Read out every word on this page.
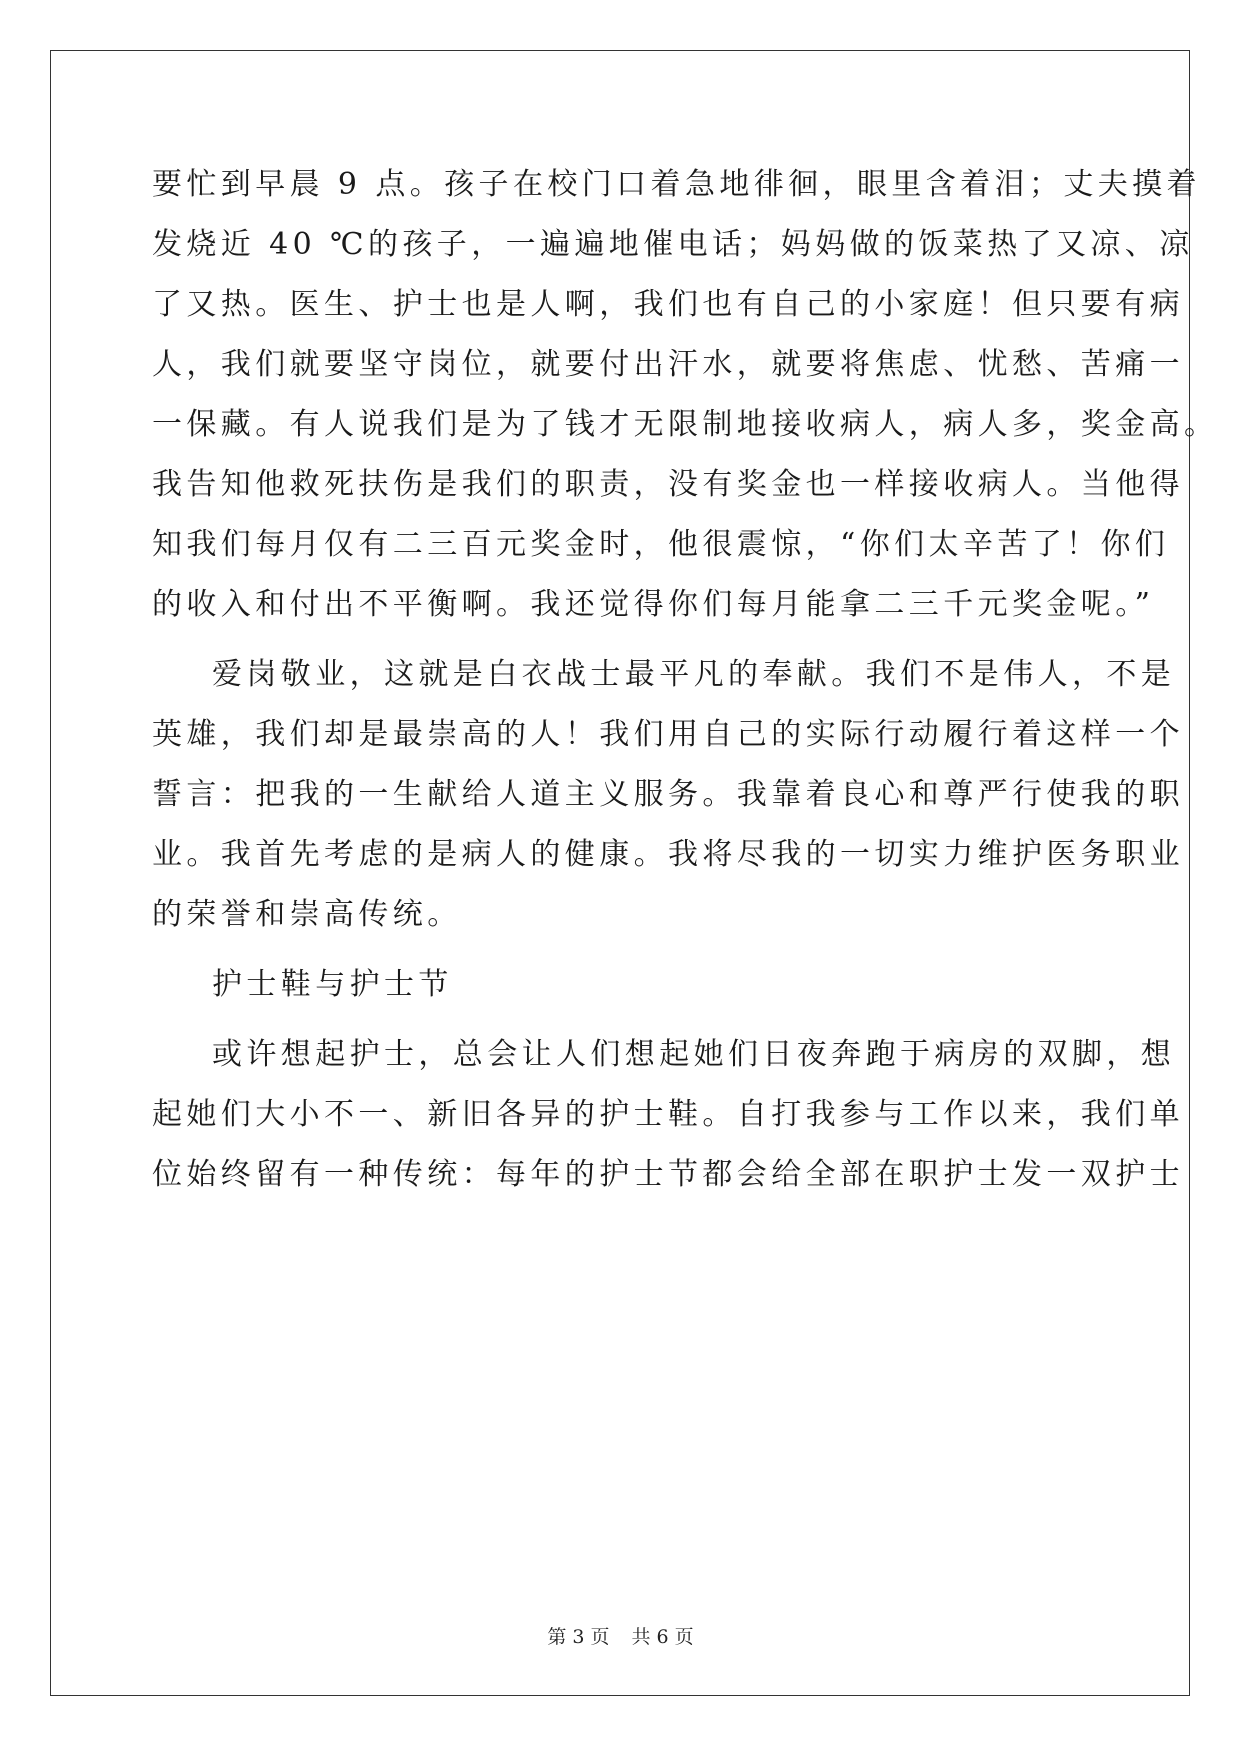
要忙到早晨 9 点。孩子在校门口着急地徘徊，眼里含着泪；丈夫摸着
发烧近 40 ℃的孩子，一遍遍地催电话；妈妈做的饭菜热了又凉、凉
了又热。医生、护士也是人啊，我们也有自己的小家庭！但只要有病
人，我们就要坚守岗位，就要付出汗水，就要将焦虑、忧愁、苦痛一
一保藏。有人说我们是为了钱才无限制地接收病人，病人多，奖金高。
我告知他救死扶伤是我们的职责，没有奖金也一样接收病人。当他得
知我们每月仅有二三百元奖金时，他很震惊，“你们太辛苦了！你们
的收入和付出不平衡啊。我还觉得你们每月能拿二三千元奖金呢。”
爱岗敬业，这就是白衣战士最平凡的奉献。我们不是伟人，不是
英雄，我们却是最崇高的人！我们用自己的实际行动履行着这样一个
誓言：把我的一生献给人道主义服务。我靠着良心和尊严行使我的职
业。我首先考虑的是病人的健康。我将尽我的一切实力维护医务职业
的荣誉和崇高传统。
护士鞋与护士节
或许想起护士，总会让人们想起她们日夜奔跑于病房的双脚，想
起她们大小不一、新旧各异的护士鞋。自打我参与工作以来，我们单
位始终留有一种传统：每年的护士节都会给全部在职护士发一双护士
第 3 页 共 6 页
